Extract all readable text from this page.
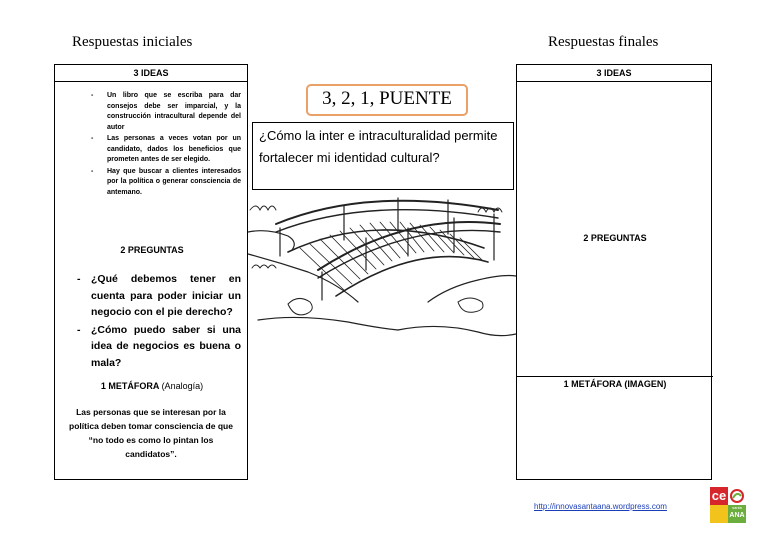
Respuestas iniciales	Respuestas finales
3 IDEAS
- Un libro que se escriba para dar consejos debe ser imparcial, y la construcción intracultural depende del autor
- Las personas a veces votan por un candidato, dados los beneficios que prometen antes de ser elegido.
- Hay que buscar a clientes interesados por la política o generar consciencia de antemano.
2 PREGUNTAS
- ¿Qué debemos tener en cuenta para poder iniciar un negocio con el pie derecho?
- ¿Cómo puedo saber si una idea de negocios es buena o mala?
1 METÁFORA (Analogía)
Las personas que se interesan por la política deben tomar consciencia de que “no todo es como lo pintan los candidatos”.
3 IDEAS
2 PREGUNTAS
1 METÁFORA (IMAGEN)
3, 2, 1, PUENTE
¿Cómo la inter e intraculturalidad permite fortalecer mi identidad cultural?
http://innovasantaana.wordpress.com
ce
santa
ANA
